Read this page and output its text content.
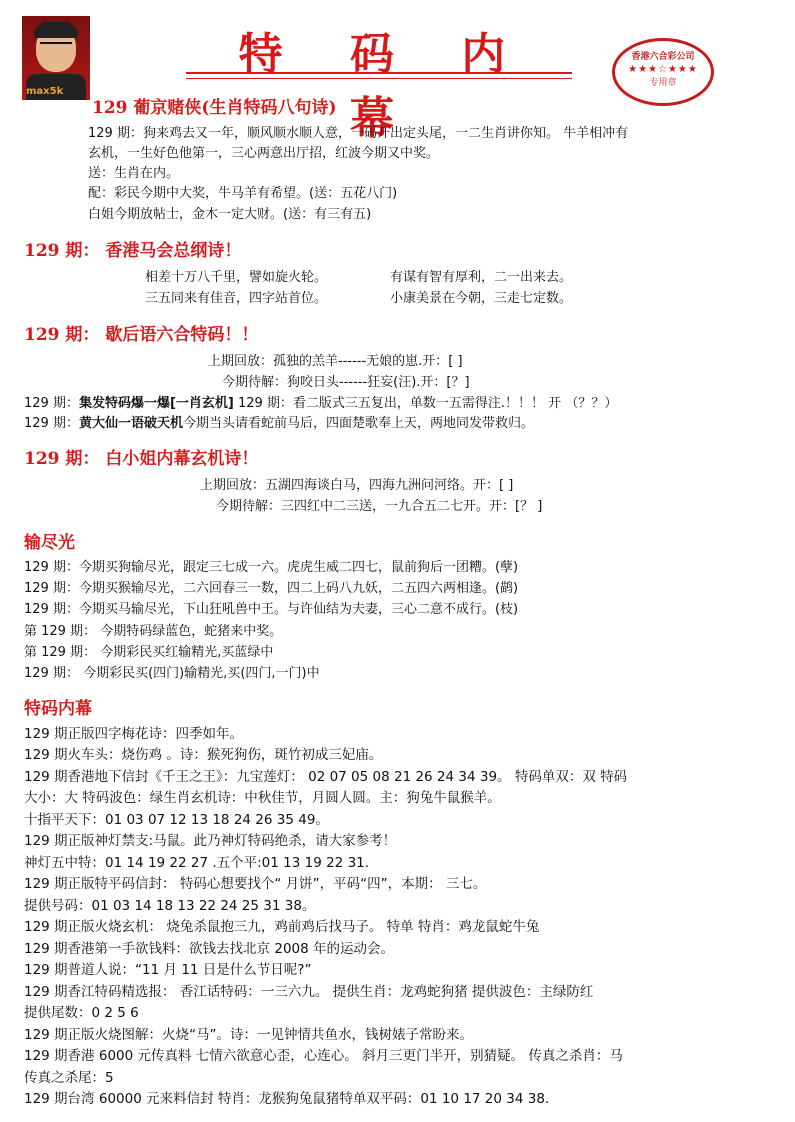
max5k
特 码 内 幕
香港六合彩公司
★★★☆★★★
专用章
129 葡京赌侠(生肖特码八句诗)
129 期：狗来鸡去又一年，顺风顺水顺人意，一码开出定头尾，一二生肖讲你知。 牛羊相冲有
玄机，一生好色他第一，三心两意出厅招，红波今期又中奖。
送：生肖在内。
配：彩民今期中大奖，牛马羊有希望。(送：五花八门)
白姐今期放帖士，金木一定大财。(送：有三有五)
129 期： 香港马会总纲诗！
相差十万八千里，譬如旋火轮。	有谋有智有厚利，二一出来去。
三五同来有佳音，四字站首位。	小康美景在今朝，三走七定数。
129 期： 歇后语六合特码！！
上期回放：孤独的羔羊------无娘的崽.开：[ ]
今期待解：狗咬日头------狂妄(汪).开：[？]
129 期：集发特码爆一爆[一肖玄机] 129 期：看二版式三五复出，单数一五需得注.！！！ 开 （？？）
129 期：黄大仙一语破天机今期当头请看蛇前马后，四面楚歌奉上天，两地同发带救归。
129 期： 白小姐内幕玄机诗！
上期回放：五湖四海谈白马，四海九洲问河络。开：[ ]
今期待解：三四红中二三送，一九合五二七开。开：[？ ]
输尽光
129 期：今期买狗输尽光，跟定三七成一六。虎虎生威二四七，鼠前狗后一团糟。(孽)
129 期：今期买猴输尽光，二六回春三一数，四二上码八九妖，二五四六两相逢。(鹋)
129 期：今期买马输尽光，下山狂吼兽中王。与许仙结为夫妻，三心二意不成行。(枝)
第 129 期： 今期特码绿蓝色，蛇猪来中奖。
第 129 期： 今期彩民买红输精光,买蓝绿中
129 期： 今期彩民买(四门)输精光,买(四门,一门)中
特码内幕
129 期正版四字梅花诗：四季如年。
129 期火车头：烧伤鸡 。诗：猴死狗伤，斑竹初成三妃庙。
129 期香港地下信封《千王之王》：九宝莲灯： 02 07 05 08 21 26 24 34 39。 特码单双：双 特码
大小：大 特码波色：绿生肖玄机诗：中秋佳节，月圆人圆。主：狗兔牛鼠猴羊。
十指平天下：01 03 07 12 13 18 24 26 35 49。
129 期正版神灯禁支:马鼠。此乃神灯特码绝杀，请大家参考！
神灯五中特：01 14 19 22 27 .五个平:01 13 19 22 31.
129 期正版特平码信封： 特码心想要找个“ 月饼”，平码“四”，本期： 三七。
提供号码：01 03 14 18 13 22 24 25 31 38。
129 期正版火烧玄机： 烧兔杀鼠抱三九，鸡前鸡后找马子。 特单 特肖：鸡龙鼠蛇牛兔
129 期香港第一手欲钱料：欲钱去找北京 2008 年的运动会。
129 期普道人说：“11 月 11 日是什么节日呢?”
129 期香江特码精选报： 香江话特码：一三六九。 提供生肖：龙鸡蛇狗猪 提供波色：主绿防红
提供尾数：0 2 5 6
129 期正版火烧图解：火烧“马”。诗：一见钟情共鱼水，钱树婊子常盼来。
129 期香港 6000 元传真料 七情六欲意心歪，心连心。 斜月三更门半开，别猜疑。 传真之杀肖：马
传真之杀尾：5
129 期台湾 60000 元来料信封 特肖：龙猴狗兔鼠猪特单双平码：01 10 17 20 34 38.
